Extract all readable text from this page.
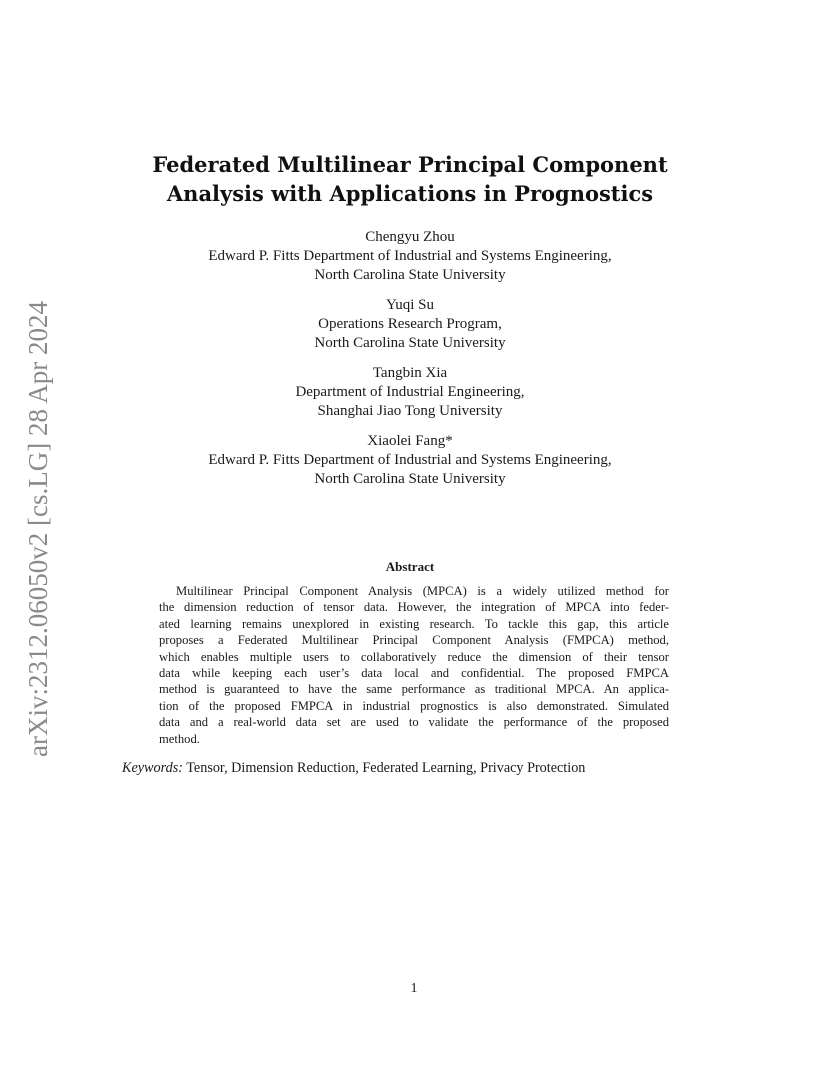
arXiv:2312.06050v2 [cs.LG] 28 Apr 2024
Federated Multilinear Principal Component
Analysis with Applications in Prognostics
Chengyu Zhou
Edward P. Fitts Department of Industrial and Systems Engineering,
North Carolina State University
Yuqi Su
Operations Research Program,
North Carolina State University
Tangbin Xia
Department of Industrial Engineering,
Shanghai Jiao Tong University
Xiaolei Fang*
Edward P. Fitts Department of Industrial and Systems Engineering,
North Carolina State University
Abstract
Multilinear Principal Component Analysis (MPCA) is a widely utilized method for
the dimension reduction of tensor data. However, the integration of MPCA into feder-
ated learning remains unexplored in existing research. To tackle this gap, this article
proposes a Federated Multilinear Principal Component Analysis (FMPCA) method,
which enables multiple users to collaboratively reduce the dimension of their tensor
data while keeping each user’s data local and confidential. The proposed FMPCA
method is guaranteed to have the same performance as traditional MPCA. An applica-
tion of the proposed FMPCA in industrial prognostics is also demonstrated. Simulated
data and a real-world data set are used to validate the performance of the proposed
method.
Keywords: Tensor, Dimension Reduction, Federated Learning, Privacy Protection
1
